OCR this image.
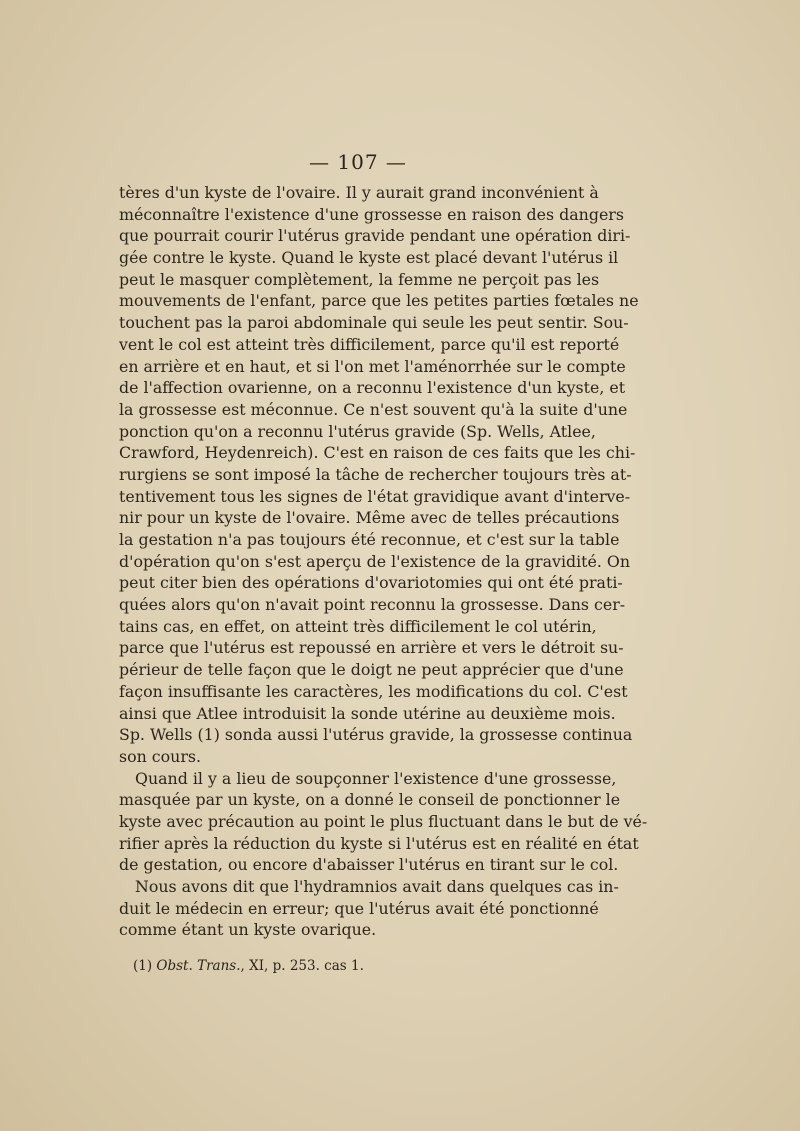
— 107 —
tères d'un kyste de l'ovaire. Il y aurait grand inconvénient à
méconnaître l'existence d'une grossesse en raison des dangers
que pourrait courir l'utérus gravide pendant une opération diri-
gée contre le kyste. Quand le kyste est placé devant l'utérus il
peut le masquer complètement, la femme ne perçoit pas les
mouvements de l'enfant, parce que les petites parties fœtales ne
touchent pas la paroi abdominale qui seule les peut sentir. Sou-
vent le col est atteint très difficilement, parce qu'il est reporté
en arrière et en haut, et si l'on met l'aménorrhée sur le compte
de l'affection ovarienne, on a reconnu l'existence d'un kyste, et
la grossesse est méconnue. Ce n'est souvent qu'à la suite d'une
ponction qu'on a reconnu l'utérus gravide (Sp. Wells, Atlee,
Crawford, Heydenreich). C'est en raison de ces faits que les chi-
rurgiens se sont imposé la tâche de rechercher toujours très at-
tentivement tous les signes de l'état gravidique avant d'interve-
nir pour un kyste de l'ovaire. Même avec de telles précautions
la gestation n'a pas toujours été reconnue, et c'est sur la table
d'opération qu'on s'est aperçu de l'existence de la gravidité. On
peut citer bien des opérations d'ovariotomies qui ont été prati-
quées alors qu'on n'avait point reconnu la grossesse. Dans cer-
tains cas, en effet, on atteint très difficilement le col utérin,
parce que l'utérus est repoussé en arrière et vers le détroit su-
périeur de telle façon que le doigt ne peut apprécier que d'une
façon insuffisante les caractères, les modifications du col. C'est
ainsi que Atlee introduisit la sonde utérine au deuxième mois.
Sp. Wells (1) sonda aussi l'utérus gravide, la grossesse continua
son cours.
Quand il y a lieu de soupçonner l'existence d'une grossesse,
masquée par un kyste, on a donné le conseil de ponctionner le
kyste avec précaution au point le plus fluctuant dans le but de vé-
rifier après la réduction du kyste si l'utérus est en réalité en état
de gestation, ou encore d'abaisser l'utérus en tirant sur le col.
Nous avons dit que l'hydramnios avait dans quelques cas in-
duit le médecin en erreur; que l'utérus avait été ponctionné
comme étant un kyste ovarique.
(1) Obst. Trans., XI, p. 253. cas 1.
